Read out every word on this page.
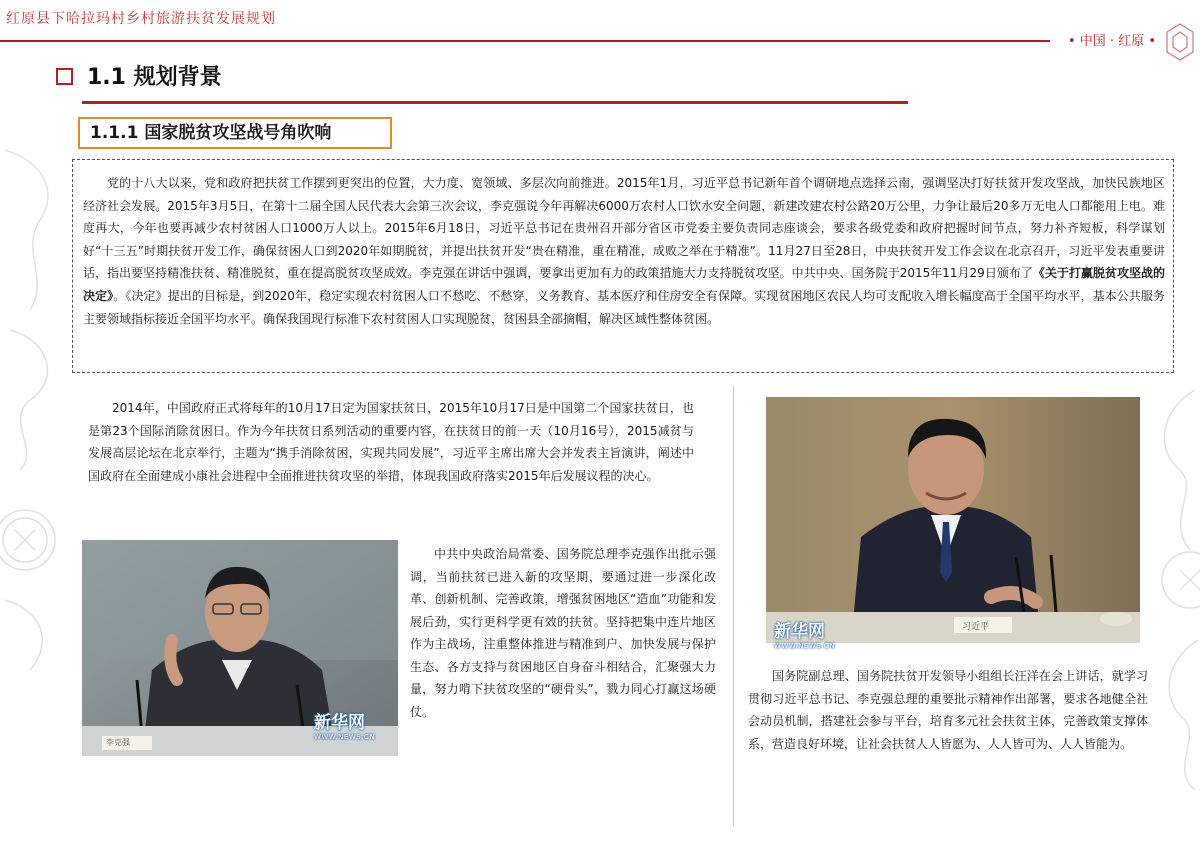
红原县下哈拉玛村乡村旅游扶贫发展规划
• 中国 · 红原 •
1.1 规划背景
1.1.1 国家脱贫攻坚战号角吹响

党的十八大以来，党和政府把扶贫工作摆到更突出的位置，大力度、宽领域、多层次向前推进。2015年1月，习近平总书记新年首个调研地点选择云南，强调坚决打好扶贫开发攻坚战，加快民族地区经济社会发展。2015年3月5日，在第十二届全国人民代表大会第三次会议，李克强说今年再解决6000万农村人口饮水安全问题，新建改建农村公路20万公里，力争让最后20多万无电人口都能用上电。难度再大，今年也要再减少农村贫困人口1000万人以上。2015年6月18日，习近平总书记在贵州召开部分省区市党委主要负责同志座谈会，要求各级党委和政府把握时间节点，努力补齐短板，科学谋划好“十三五”时期扶贫开发工作，确保贫困人口到2020年如期脱贫，并提出扶贫开发“贵在精准，重在精准，成败之举在于精准”。11月27日至28日，中央扶贫开发工作会议在北京召开，习近平发表重要讲话，指出要坚持精准扶贫、精准脱贫，重在提高脱贫攻坚成效。李克强在讲话中强调，要拿出更加有力的政策措施大力支持脱贫攻坚。中共中央、国务院于2015年11月29日颁布了《关于打赢脱贫攻坚战的决定》。《决定》提出的目标是，到2020年，稳定实现农村贫困人口不愁吃、不愁穿，义务教育、基本医疗和住房安全有保障。实现贫困地区农民人均可支配收入增长幅度高于全国平均水平，基本公共服务主要领域指标接近全国平均水平。确保我国现行标准下农村贫困人口实现脱贫，贫困县全部摘帽，解决区域性整体贫困。

2014年，中国政府正式将每年的10月17日定为国家扶贫日，2015年10月17日是中国第二个国家扶贫日，也是第23个国际消除贫困日。作为今年扶贫日系列活动的重要内容，在扶贫日的前一天（10月16号），2015减贫与发展高层论坛在北京举行，主题为“携手消除贫困，实现共同发展”，习近平主席出席大会并发表主旨演讲，阐述中国政府在全面建成小康社会进程中全面推进扶贫攻坚的举措，体现我国政府落实2015年后发展议程的决心。

李克强
新华网
WWW.NEWS.CN

中共中央政治局常委、国务院总理李克强作出批示强调，当前扶贫已进入新的攻坚期，要通过进一步深化改革、创新机制、完善政策，增强贫困地区“造血”功能和发展后劲，实行更科学更有效的扶贫。坚持把集中连片地区作为主战场，注重整体推进与精准到户、加快发展与保护生态、各方支持与贫困地区自身奋斗相结合，汇聚强大力量，努力啃下扶贫攻坚的“硬骨头”，戮力同心打赢这场硬仗。

习近平
新华网
WWW.NEWS.CN

国务院副总理、国务院扶贫开发领导小组组长汪洋在会上讲话，就学习贯彻习近平总书记、李克强总理的重要批示精神作出部署，要求各地健全社会动员机制，搭建社会参与平台，培育多元社会扶贫主体，完善政策支撑体系，营造良好环境，让社会扶贫人人皆愿为、人人皆可为、人人皆能为。
